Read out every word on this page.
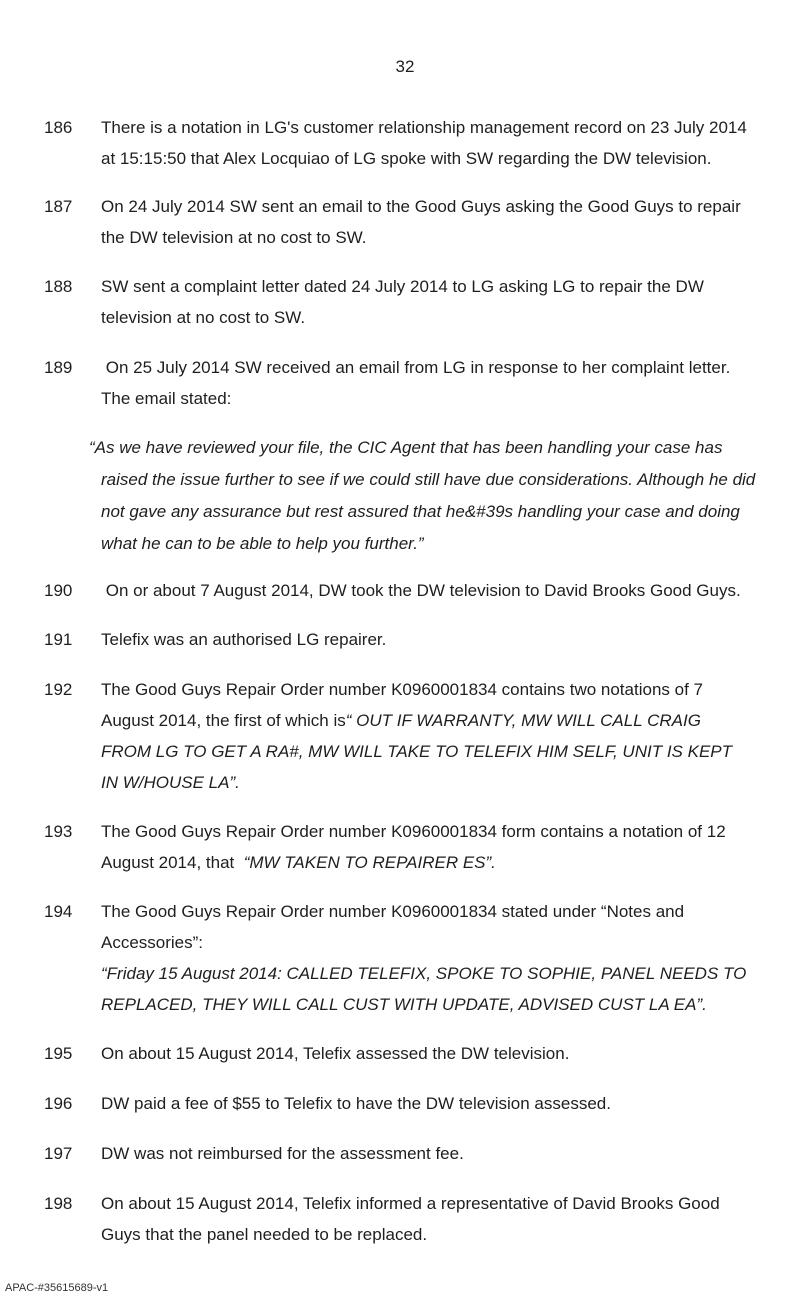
32
186 There is a notation in LG's customer relationship management record on 23 July 2014

at 15:15:50 that Alex Locquiao of LG spoke with SW regarding the DW television.

187 On 24 July 2014 SW sent an email to the Good Guys asking the Good Guys to repair

the DW television at no cost to SW.

188 SW sent a complaint letter dated 24 July 2014 to LG asking LG to repair the DW

television at no cost to SW.

189 On 25 July 2014 SW received an email from LG in response to her complaint letter.

The email stated:

“As we have reviewed your file, the CIC Agent that has been handling your case has
raised the issue further to see if we could still have due considerations. Although he did
not gave any assurance but rest assured that he&#39s handling your case and doing
what he can to be able to help you further.”
190 On or about 7 August 2014, DW took the DW television to David Brooks Good Guys.

191 Telefix was an authorised LG repairer.

192 The Good Guys Repair Order number K0960001834 contains two notations of 7

August 2014, the first of which is“ OUT IF WARRANTY, MW WILL CALL CRAIG

FROM LG TO GET A RA#, MW WILL TAKE TO TELEFIX HIM SELF, UNIT IS KEPT

IN W/HOUSE LA”.

193 The Good Guys Repair Order number K0960001834 form contains a notation of 12

August 2014, that  “MW TAKEN TO REPAIRER ES”.

194 The Good Guys Repair Order number K0960001834 stated under “Notes and

Accessories”:

“Friday 15 August 2014: CALLED TELEFIX, SPOKE TO SOPHIE, PANEL NEEDS TO

REPLACED, THEY WILL CALL CUST WITH UPDATE, ADVISED CUST LA EA”.

195 On about 15 August 2014, Telefix assessed the DW television.

196 DW paid a fee of $55 to Telefix to have the DW television assessed.

197 DW was not reimbursed for the assessment fee.

198 On about 15 August 2014, Telefix informed a representative of David Brooks Good

Guys that the panel needed to be replaced.

APAC-#35615689-v1
